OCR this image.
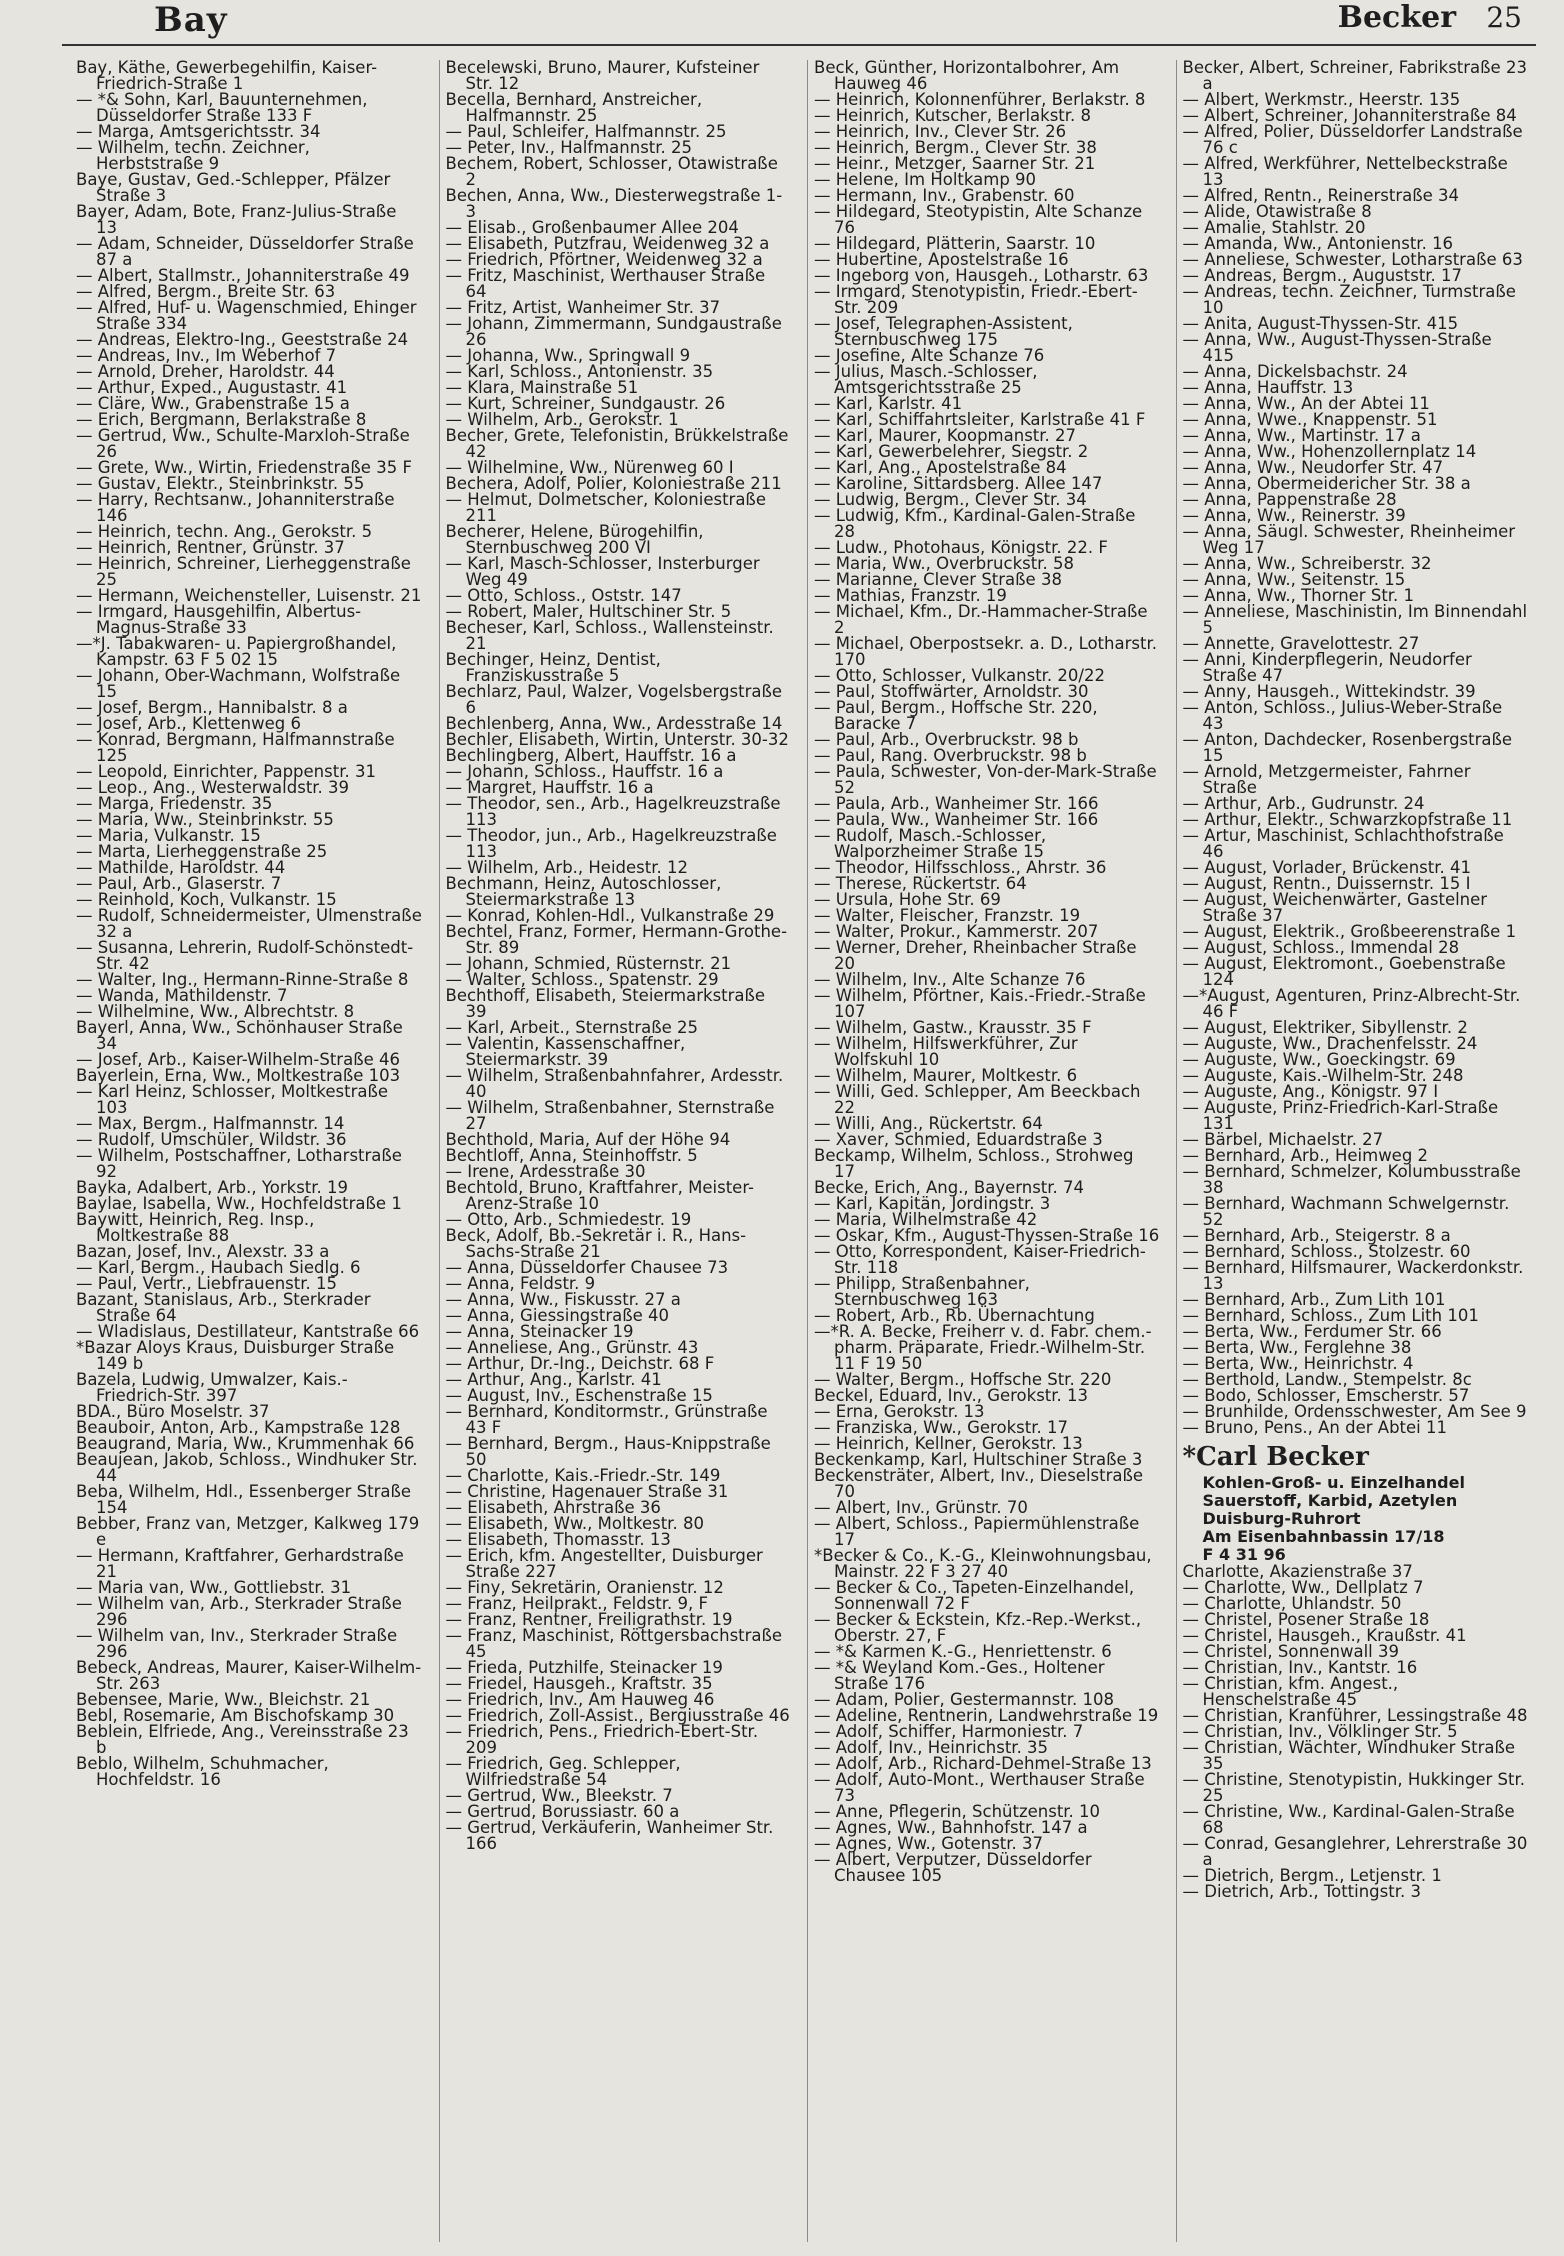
Bay	Becker 25
Bay, Käthe, Gewerbegehilfin, Kaiser-Friedrich-Straße 1
— *& Sohn, Karl, Bauunternehmen, Düsseldorfer Straße 133 F
— Marga, Amtsgerichtsstr. 34
— Wilhelm, techn. Zeichner, Herbststraße 9
Baye, Gustav, Ged.-Schlepper, Pfälzer Straße 3
Bayer, Adam, Bote, Franz-Julius-Straße 13
— Adam, Schneider, Düsseldorfer Straße 87 a
— Albert, Stallmstr., Johanniterstraße 49
— Alfred, Bergm., Breite Str. 63
— Alfred, Huf- u. Wagenschmied, Ehinger Straße 334
— Andreas, Elektro-Ing., Geeststraße 24
— Andreas, Inv., Im Weberhof 7
— Arnold, Dreher, Haroldstr. 44
— Arthur, Exped., Augustastr. 41
— Cläre, Ww., Grabenstraße 15 a
— Erich, Bergmann, Berlakstraße 8
— Gertrud, Ww., Schulte-Marxloh-Straße 26
— Grete, Ww., Wirtin, Friedenstraße 35 F
— Gustav, Elektr., Steinbrinkstr. 55
— Harry, Rechtsanw., Johanniterstraße 146
— Heinrich, techn. Ang., Gerokstr. 5
— Heinrich, Rentner, Grünstr. 37
— Heinrich, Schreiner, Lierheggenstraße 25
— Hermann, Weichensteller, Luisenstr. 21
— Irmgard, Hausgehilfin, Albertus-Magnus-Straße 33
—*J. Tabakwaren- u. Papiergroßhandel, Kampstr. 63 F 5 02 15
— Johann, Ober-Wachmann, Wolfstraße 15
— Josef, Bergm., Hannibalstr. 8 a
— Josef, Arb., Klettenweg 6
— Konrad, Bergmann, Halfmannstraße 125
— Leopold, Einrichter, Pappenstr. 31
— Leop., Ang., Westerwaldstr. 39
— Marga, Friedenstr. 35
— Maria, Ww., Steinbrinkstr. 55
— Maria, Vulkanstr. 15
— Marta, Lierheggenstraße 25
— Mathilde, Haroldstr. 44
— Paul, Arb., Glaserstr. 7
— Reinhold, Koch, Vulkanstr. 15
— Rudolf, Schneidermeister, Ulmenstraße 32 a
— Susanna, Lehrerin, Rudolf-Schönstedt-Str. 42
— Walter, Ing., Hermann-Rinne-Straße 8
— Wanda, Mathildenstr. 7
— Wilhelmine, Ww., Albrechtstr. 8
Bayerl, Anna, Ww., Schönhauser Straße 34
— Josef, Arb., Kaiser-Wilhelm-Straße 46
Bayerlein, Erna, Ww., Moltkestraße 103
— Karl Heinz, Schlosser, Moltkestraße 103
— Max, Bergm., Halfmannstr. 14
— Rudolf, Umschüler, Wildstr. 36
— Wilhelm, Postschaffner, Lotharstraße 92
Bayka, Adalbert, Arb., Yorkstr. 19
Baylae, Isabella, Ww., Hochfeldstraße 1
Baywitt, Heinrich, Reg. Insp., Moltkestraße 88
Bazan, Josef, Inv., Alexstr. 33 a
— Karl, Bergm., Haubach Siedlg. 6
— Paul, Vertr., Liebfrauenstr. 15
Bazant, Stanislaus, Arb., Sterkrader Straße 64
— Wladislaus, Destillateur, Kantstraße 66
*Bazar Aloys Kraus, Duisburger Straße 149 b
Bazela, Ludwig, Umwalzer, Kais.-Friedrich-Str. 397
BDA., Büro Moselstr. 37
Beauboir, Anton, Arb., Kampstraße 128
Beaugrand, Maria, Ww., Krummenhak 66
Beaujean, Jakob, Schloss., Windhuker Str. 44
Beba, Wilhelm, Hdl., Essenberger Straße 154
Bebber, Franz van, Metzger, Kalkweg 179 e
— Hermann, Kraftfahrer, Gerhardstraße 21
— Maria van, Ww., Gottliebstr. 31
— Wilhelm van, Arb., Sterkrader Straße 296
— Wilhelm van, Inv., Sterkrader Straße 296
Bebeck, Andreas, Maurer, Kaiser-Wilhelm-Str. 263
Bebensee, Marie, Ww., Bleichstr. 21
Bebl, Rosemarie, Am Bischofskamp 30
Beblein, Elfriede, Ang., Vereinsstraße 23 b
Beblo, Wilhelm, Schuhmacher, Hochfeldstr. 16
Becelewski, Bruno, Maurer, Kufsteiner Str. 12
Becella, Bernhard, Anstreicher, Halfmannstr. 25
— Paul, Schleifer, Halfmannstr. 25
— Peter, Inv., Halfmannstr. 25
Bechem, Robert, Schlosser, Otawistraße 2
Bechen, Anna, Ww., Diesterwegstraße 1-3
— Elisab., Großenbaumer Allee 204
— Elisabeth, Putzfrau, Weidenweg 32 a
— Friedrich, Pförtner, Weidenweg 32 a
— Fritz, Maschinist, Werthauser Straße 64
— Fritz, Artist, Wanheimer Str. 37
— Johann, Zimmermann, Sundgaustraße 26
— Johanna, Ww., Springwall 9
— Karl, Schloss., Antonienstr. 35
— Klara, Mainstraße 51
— Kurt, Schreiner, Sundgaustr. 26
— Wilhelm, Arb., Gerokstr. 1
Becher, Grete, Telefonistin, Brükkelstraße 42
— Wilhelmine, Ww., Nürenweg 60 I
Bechera, Adolf, Polier, Koloniestraße 211
— Helmut, Dolmetscher, Koloniestraße 211
Becherer, Helene, Bürogehilfin, Sternbuschweg 200 VI
— Karl, Masch-Schlosser, Insterburger Weg 49
— Otto, Schloss., Oststr. 147
— Robert, Maler, Hultschiner Str. 5
Becheser, Karl, Schloss., Wallensteinstr. 21
Bechinger, Heinz, Dentist, Franziskusstraße 5
Bechlarz, Paul, Walzer, Vogelsbergstraße 6
Bechlenberg, Anna, Ww., Ardesstraße 14
Bechler, Elisabeth, Wirtin, Unterstr. 30-32
Bechlingberg, Albert, Hauffstr. 16 a
— Johann, Schloss., Hauffstr. 16 a
— Margret, Hauffstr. 16 a
— Theodor, sen., Arb., Hagelkreuzstraße 113
— Theodor, jun., Arb., Hagelkreuzstraße 113
— Wilhelm, Arb., Heidestr. 12
Bechmann, Heinz, Autoschlosser, Steiermarkstraße 13
— Konrad, Kohlen-Hdl., Vulkanstraße 29
Bechtel, Franz, Former, Hermann-Grothe-Str. 89
— Johann, Schmied, Rüsternstr. 21
— Walter, Schloss., Spatenstr. 29
Bechthoff, Elisabeth, Steiermarkstraße 39
— Karl, Arbeit., Sternstraße 25
— Valentin, Kassenschaffner, Steiermarkstr. 39
— Wilhelm, Straßenbahnfahrer, Ardesstr. 40
— Wilhelm, Straßenbahner, Sternstraße 27
Bechthold, Maria, Auf der Höhe 94
Bechtloff, Anna, Steinhoffstr. 5
— Irene, Ardesstraße 30
Bechtold, Bruno, Kraftfahrer, Meister-Arenz-Straße 10
— Otto, Arb., Schmiedestr. 19
Beck, Adolf, Bb.-Sekretär i. R., Hans-Sachs-Straße 21
— Anna, Düsseldorfer Chausee 73
— Anna, Feldstr. 9
— Anna, Ww., Fiskusstr. 27 a
— Anna, Giessingstraße 40
— Anna, Steinacker 19
— Anneliese, Ang., Grünstr. 43
— Arthur, Dr.-Ing., Deichstr. 68 F
— Arthur, Ang., Karlstr. 41
— August, Inv., Eschenstraße 15
— Bernhard, Konditormstr., Grünstraße 43 F
— Bernhard, Bergm., Haus-Knippstraße 50
— Charlotte, Kais.-Friedr.-Str. 149
— Christine, Hagenauer Straße 31
— Elisabeth, Ahrstraße 36
— Elisabeth, Ww., Moltkestr. 80
— Elisabeth, Thomasstr. 13
— Erich, kfm. Angestellter, Duisburger Straße 227
— Finy, Sekretärin, Oranienstr. 12
— Franz, Heilprakt., Feldstr. 9, F
— Franz, Rentner, Freiligrathstr. 19
— Franz, Maschinist, Röttgersbachstraße 45
— Frieda, Putzhilfe, Steinacker 19
— Friedel, Hausgeh., Kraftstr. 35
— Friedrich, Inv., Am Hauweg 46
— Friedrich, Zoll-Assist., Bergiusstraße 46
— Friedrich, Pens., Friedrich-Ebert-Str. 209
— Friedrich, Geg. Schlepper, Wilfriedstraße 54
— Gertrud, Ww., Bleekstr. 7
— Gertrud, Borussiastr. 60 a
— Gertrud, Verkäuferin, Wanheimer Str. 166
Beck, Günther, Horizontalbohrer, Am Hauweg 46
— Heinrich, Kolonnenführer, Berlakstr. 8
— Heinrich, Kutscher, Berlakstr. 8
— Heinrich, Inv., Clever Str. 26
— Heinrich, Bergm., Clever Str. 38
— Heinr., Metzger, Saarner Str. 21
— Helene, Im Holtkamp 90
— Hermann, Inv., Grabenstr. 60
— Hildegard, Steotypistin, Alte Schanze 76
— Hildegard, Plätterin, Saarstr. 10
— Hubertine, Apostelstraße 16
— Ingeborg von, Hausgeh., Lotharstr. 63
— Irmgard, Stenotypistin, Friedr.-Ebert-Str. 209
— Josef, Telegraphen-Assistent, Sternbuschweg 175
— Josefine, Alte Schanze 76
— Julius, Masch.-Schlosser, Amtsgerichtsstraße 25
— Karl, Karlstr. 41
— Karl, Schiffahrtsleiter, Karlstraße 41 F
— Karl, Maurer, Koopmanstr. 27
— Karl, Gewerbelehrer, Siegstr. 2
— Karl, Ang., Apostelstraße 84
— Karoline, Sittardsberg. Allee 147
— Ludwig, Bergm., Clever Str. 34
— Ludwig, Kfm., Kardinal-Galen-Straße 28
— Ludw., Photohaus, Königstr. 22. F
— Maria, Ww., Overbruckstr. 58
— Marianne, Clever Straße 38
— Mathias, Franzstr. 19
— Michael, Kfm., Dr.-Hammacher-Straße 2
— Michael, Oberpostsekr. a. D., Lotharstr. 170
— Otto, Schlosser, Vulkanstr. 20/22
— Paul, Stoffwärter, Arnoldstr. 30
— Paul, Bergm., Hoffsche Str. 220, Baracke 7
— Paul, Arb., Overbruckstr. 98 b
— Paul, Rang. Overbruckstr. 98 b
— Paula, Schwester, Von-der-Mark-Straße 52
— Paula, Arb., Wanheimer Str. 166
— Paula, Ww., Wanheimer Str. 166
— Rudolf, Masch.-Schlosser, Walporzheimer Straße 15
— Theodor, Hilfsschloss., Ahrstr. 36
— Therese, Rückertstr. 64
— Ursula, Hohe Str. 69
— Walter, Fleischer, Franzstr. 19
— Walter, Prokur., Kammerstr. 207
— Werner, Dreher, Rheinbacher Straße 20
— Wilhelm, Inv., Alte Schanze 76
— Wilhelm, Pförtner, Kais.-Friedr.-Straße 107
— Wilhelm, Gastw., Krausstr. 35 F
— Wilhelm, Hilfswerkführer, Zur Wolfskuhl 10
— Wilhelm, Maurer, Moltkestr. 6
— Willi, Ged. Schlepper, Am Beeckbach 22
— Willi, Ang., Rückertstr. 64
— Xaver, Schmied, Eduardstraße 3
Beckamp, Wilhelm, Schloss., Strohweg 17
Becke, Erich, Ang., Bayernstr. 74
— Karl, Kapitän, Jordingstr. 3
— Maria, Wilhelmstraße 42
— Oskar, Kfm., August-Thyssen-Straße 16
— Otto, Korrespondent, Kaiser-Friedrich-Str. 118
— Philipp, Straßenbahner, Sternbuschweg 163
— Robert, Arb., Rb. Übernachtung
—*R. A. Becke, Freiherr v. d. Fabr. chem.-pharm. Präparate, Friedr.-Wilhelm-Str. 11 F 19 50
— Walter, Bergm., Hoffsche Str. 220
Beckel, Eduard, Inv., Gerokstr. 13
— Erna, Gerokstr. 13
— Franziska, Ww., Gerokstr. 17
— Heinrich, Kellner, Gerokstr. 13
Beckenkamp, Karl, Hultschiner Straße 3
Beckensträter, Albert, Inv., Dieselstraße 70
— Albert, Inv., Grünstr. 70
— Albert, Schloss., Papiermühlenstraße 17
*Becker & Co., K.-G., Kleinwohnungsbau, Mainstr. 22 F 3 27 40
— Becker & Co., Tapeten-Einzelhandel, Sonnenwall 72 F
— Becker & Eckstein, Kfz.-Rep.-Werkst., Oberstr. 27, F
— *& Karmen K.-G., Henriettenstr. 6
— *& Weyland Kom.-Ges., Holtener Straße 176
— Adam, Polier, Gestermannstr. 108
— Adeline, Rentnerin, Landwehrstraße 19
— Adolf, Schiffer, Harmoniestr. 7
— Adolf, Inv., Heinrichstr. 35
— Adolf, Arb., Richard-Dehmel-Straße 13
— Adolf, Auto-Mont., Werthauser Straße 73
— Anne, Pflegerin, Schützenstr. 10
— Agnes, Ww., Bahnhofstr. 147 a
— Agnes, Ww., Gotenstr. 37
— Albert, Verputzer, Düsseldorfer Chausee 105
Becker, Albert, Schreiner, Fabrikstraße 23 a
— Albert, Werkmstr., Heerstr. 135
— Albert, Schreiner, Johanniterstraße 84
— Alfred, Polier, Düsseldorfer Landstraße 76 c
— Alfred, Werkführer, Nettelbeckstraße 13
— Alfred, Rentn., Reinerstraße 34
— Alide, Otawistraße 8
— Amalie, Stahlstr. 20
— Amanda, Ww., Antonienstr. 16
— Anneliese, Schwester, Lotharstraße 63
— Andreas, Bergm., Auguststr. 17
— Andreas, techn. Zeichner, Turmstraße 10
— Anita, August-Thyssen-Str. 415
— Anna, Ww., August-Thyssen-Straße 415
— Anna, Dickelsbachstr. 24
— Anna, Hauffstr. 13
— Anna, Ww., An der Abtei 11
— Anna, Wwe., Knappenstr. 51
— Anna, Ww., Martinstr. 17 a
— Anna, Ww., Hohenzollernplatz 14
— Anna, Ww., Neudorfer Str. 47
— Anna, Obermeidericher Str. 38 a
— Anna, Pappenstraße 28
— Anna, Ww., Reinerstr. 39
— Anna, Säugl. Schwester, Rheinheimer Weg 17
— Anna, Ww., Schreiberstr. 32
— Anna, Ww., Seitenstr. 15
— Anna, Ww., Thorner Str. 1
— Anneliese, Maschinistin, Im Binnendahl 5
— Annette, Gravelottestr. 27
— Anni, Kinderpflegerin, Neudorfer Straße 47
— Anny, Hausgeh., Wittekindstr. 39
— Anton, Schloss., Julius-Weber-Straße 43
— Anton, Dachdecker, Rosenbergstraße 15
— Arnold, Metzgermeister, Fahrner Straße
— Arthur, Arb., Gudrunstr. 24
— Arthur, Elektr., Schwarzkopfstraße 11
— Artur, Maschinist, Schlachthofstraße 46
— August, Vorlader, Brückenstr. 41
— August, Rentn., Duissernstr. 15 I
— August, Weichenwärter, Gastelner Straße 37
— August, Elektrik., Großbeerenstraße 1
— August, Schloss., Immendal 28
— August, Elektromont., Goebenstraße 124
—*August, Agenturen, Prinz-Albrecht-Str. 46 F
— August, Elektriker, Sibyllenstr. 2
— Auguste, Ww., Drachenfelsstr. 24
— Auguste, Ww., Goeckingstr. 69
— Auguste, Kais.-Wilhelm-Str. 248
— Auguste, Ang., Königstr. 97 I
— Auguste, Prinz-Friedrich-Karl-Straße 131
— Bärbel, Michaelstr. 27
— Bernhard, Arb., Heimweg 2
— Bernhard, Schmelzer, Kolumbusstraße 38
— Bernhard, Wachmann Schwelgernstr. 52
— Bernhard, Arb., Steigerstr. 8 a
— Bernhard, Schloss., Stolzestr. 60
— Bernhard, Hilfsmaurer, Wackerdonkstr. 13
— Bernhard, Arb., Zum Lith 101
— Bernhard, Schloss., Zum Lith 101
— Berta, Ww., Ferdumer Str. 66
— Berta, Ww., Ferglehne 38
— Berta, Ww., Heinrichstr. 4
— Berthold, Landw., Stempelstr. 8c
— Bodo, Schlosser, Emscherstr. 57
— Brunhilde, Ordensschwester, Am See 9
— Bruno, Pens., An der Abtei 11
*Carl Becker
Kohlen-Groß- u. Einzelhandel
Sauerstoff, Karbid, Azetylen
Duisburg-Ruhrort
Am Eisenbahnbassin 17/18
F 4 31 96
Charlotte, Akazienstraße 37
— Charlotte, Ww., Dellplatz 7
— Charlotte, Uhlandstr. 50
— Christel, Posener Straße 18
— Christel, Hausgeh., Kraußstr. 41
— Christel, Sonnenwall 39
— Christian, Inv., Kantstr. 16
— Christian, kfm. Angest., Henschelstraße 45
— Christian, Kranführer, Lessingstraße 48
— Christian, Inv., Völklinger Str. 5
— Christian, Wächter, Windhuker Straße 35
— Christine, Stenotypistin, Hukkinger Str. 25
— Christine, Ww., Kardinal-Galen-Straße 68
— Conrad, Gesanglehrer, Lehrerstraße 30 a
— Dietrich, Bergm., Letjenstr. 1
— Dietrich, Arb., Tottingstr. 3
